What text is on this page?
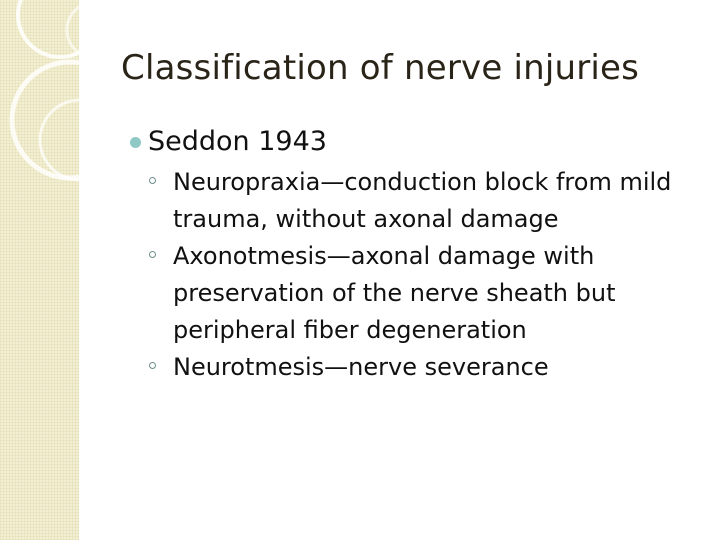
Classification of nerve injuries
Seddon 1943
Neuropraxia—conduction block from mild trauma, without axonal damage
Axonotmesis—axonal damage with preservation of the nerve sheath but peripheral fiber degeneration
Neurotmesis—nerve severance
